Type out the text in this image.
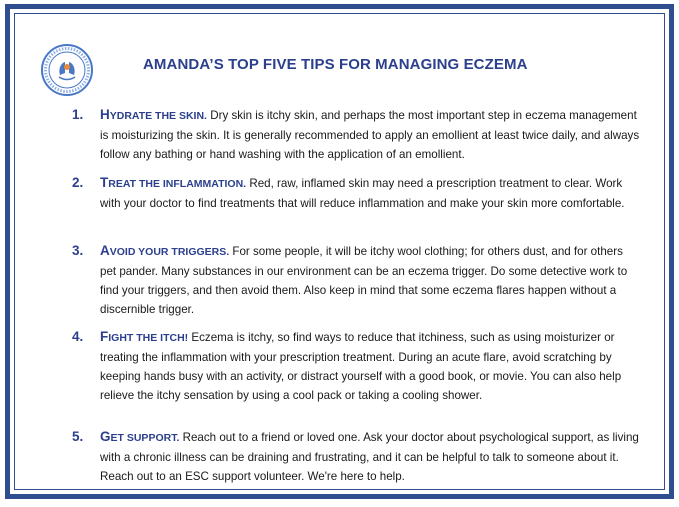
AMANDA’S TOP FIVE TIPS FOR MANAGING ECZEMA
1. HYDRATE THE SKIN. Dry skin is itchy skin, and perhaps the most important step in eczema management is moisturizing the skin. It is generally recommended to apply an emollient at least twice daily, and always follow any bathing or hand washing with the application of an emollient.
2. TREAT THE INFLAMMATION. Red, raw, inflamed skin may need a prescription treatment to clear. Work with your doctor to find treatments that will reduce inflammation and make your skin more comfortable.
3. AVOID YOUR TRIGGERS. For some people, it will be itchy wool clothing; for others dust, and for others pet pander. Many substances in our environment can be an eczema trigger. Do some detective work to find your triggers, and then avoid them. Also keep in mind that some eczema flares happen without a discernible trigger.
4. FIGHT THE ITCH! Eczema is itchy, so find ways to reduce that itchiness, such as using moisturizer or treating the inflammation with your prescription treatment. During an acute flare, avoid scratching by keeping hands busy with an activity, or distract yourself with a good book, or movie. You can also help relieve the itchy sensation by using a cool pack or taking a cooling shower.
5. GET SUPPORT. Reach out to a friend or loved one. Ask your doctor about psychological support, as living with a chronic illness can be draining and frustrating, and it can be helpful to talk to someone about it. Reach out to an ESC support volunteer. We're here to help.
